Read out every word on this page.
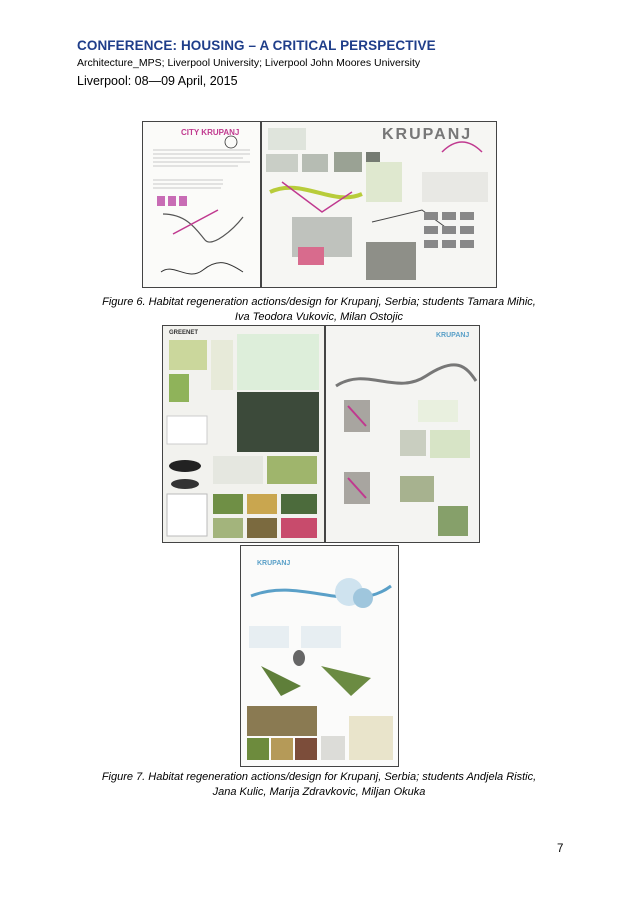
CONFERENCE: HOUSING – A CRITICAL PERSPECTIVE
Architecture_MPS; Liverpool University; Liverpool John Moores University
Liverpool: 08—09 April, 2015
CITY KRUPANJ	KRUPANJ
Figure 6. Habitat regeneration actions/design for Krupanj, Serbia; students Tamara Mihic,
Iva Teodora Vukovic, Milan Ostojic
GREENET	KRUPANJ
KRUPANJ
Figure 7. Habitat regeneration actions/design for Krupanj, Serbia; students Andjela Ristic,
Jana Kulic, Marija Zdravkovic, Miljan Okuka
7
